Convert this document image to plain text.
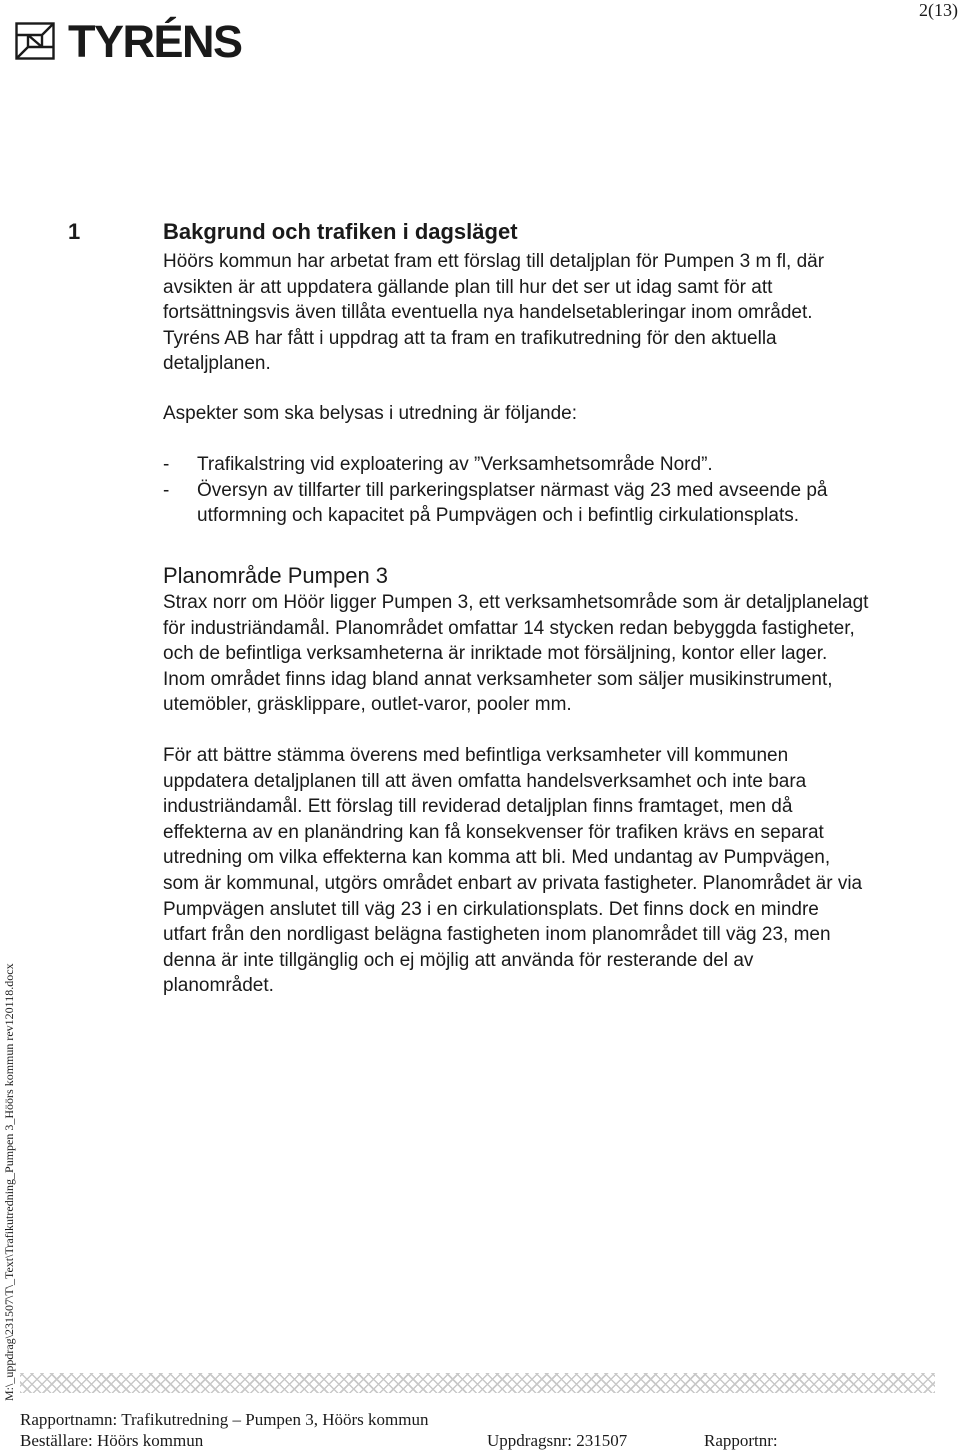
2(13)
TYRÉNS
1	Bakgrund och trafiken i dagsläget
Höörs kommun har arbetat fram ett förslag till detaljplan för Pumpen 3 m fl, där
avsikten är att uppdatera gällande plan till hur det ser ut idag samt för att
fortsättningsvis även tillåta eventuella nya handelsetableringar inom området.
Tyréns AB har fått i uppdrag att ta fram en trafikutredning för den aktuella
detaljplanen.
Aspekter som ska belysas i utredning är följande:
- Trafikalstring vid exploatering av ”Verksamhetsområde Nord”.
- Översyn av tillfarter till parkeringsplatser närmast väg 23 med avseende på
utformning och kapacitet på Pumpvägen och i befintlig cirkulationsplats.
Planområde Pumpen 3
Strax norr om Höör ligger Pumpen 3, ett verksamhetsområde som är detaljplanelagt
för industriändamål. Planområdet omfattar 14 stycken redan bebyggda fastigheter,
och de befintliga verksamheterna är inriktade mot försäljning, kontor eller lager.
Inom området finns idag bland annat verksamheter som säljer musikinstrument,
utemöbler, gräsklippare, outlet-varor, pooler mm.
För att bättre stämma överens med befintliga verksamheter vill kommunen
uppdatera detaljplanen till att även omfatta handelsverksamhet och inte bara
industriändamål. Ett förslag till reviderad detaljplan finns framtaget, men då
effekterna av en planändring kan få konsekvenser för trafiken krävs en separat
utredning om vilka effekterna kan komma att bli. Med undantag av Pumpvägen,
som är kommunal, utgörs området enbart av privata fastigheter. Planområdet är via
Pumpvägen anslutet till väg 23 i en cirkulationsplats. Det finns dock en mindre
utfart från den nordligast belägna fastigheten inom planområdet till väg 23, men
denna är inte tillgänglig och ej möjlig att använda för resterande del av
planområdet.
M:\_uppdrag\231507\T\_Text\Trafikutredning_Pumpen 3_Höörs kommun rev120118.docx
Rapportnamn: Trafikutredning – Pumpen 3, Höörs kommun
Beställare: Höörs kommun	Uppdragsnr: 231507	Rapportnr:
